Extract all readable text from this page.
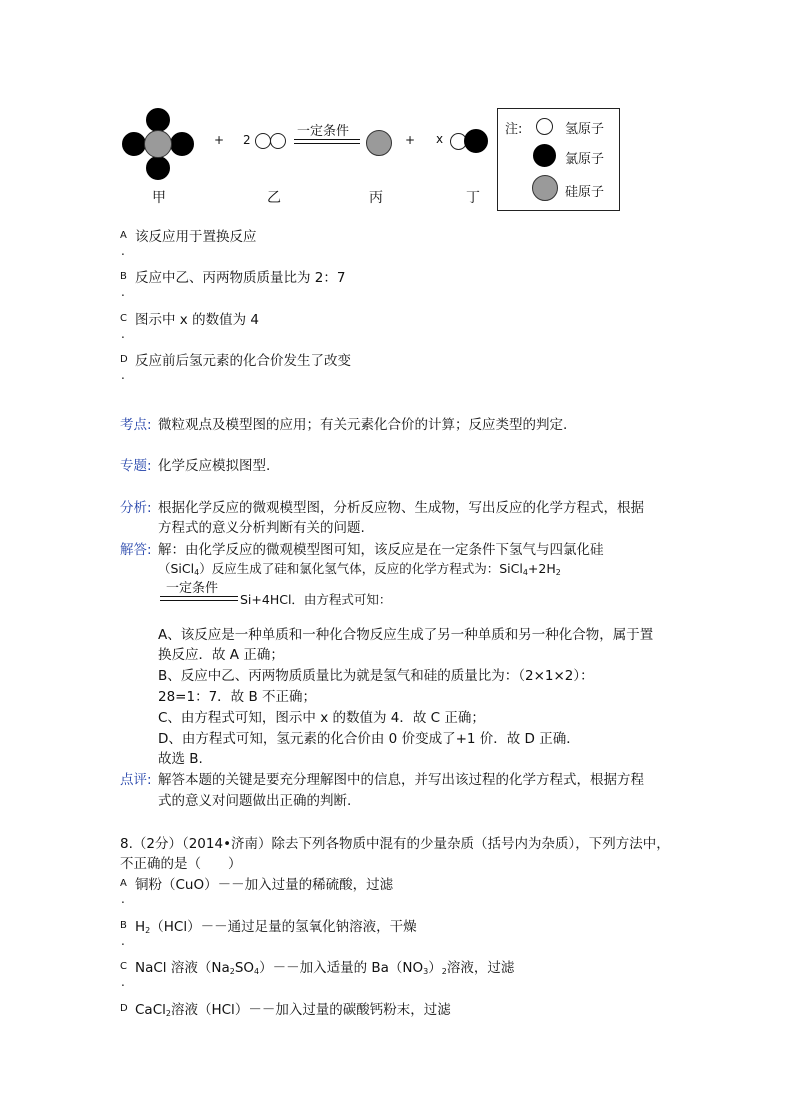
+ 2
一定条件
+ x
甲	乙	丙	丁
注:	氢原子
氯原子
硅原子
A 该反应用于置换反应
.
B 反应中乙、丙两物质质量比为 2：7
.
C 图示中 x 的数值为 4
.
D 反应前后氢元素的化合价发生了改变
.
考点: 微粒观点及模型图的应用；有关元素化合价的计算；反应类型的判定.
专题: 化学反应模拟图型.
分析: 根据化学反应的微观模型图，分析反应物、生成物，写出反应的化学方程式，根据
方程式的意义分析判断有关的问题.
解答: 解：由化学反应的微观模型图可知，该反应是在一定条件下氢气与四氯化硅
（SiCl$_4$）反应生成了硅和氯化氢气体，反应的化学方程式为：$SiCl_4+2H_2$
一定条件
Si+4HCl．由方程式可知：
A、该反应是一种单质和一种化合物反应生成了另一种单质和另一种化合物，属于置
换反应．故 A 正确；
B、反应中乙、丙两物质质量比为就是氢气和硅的质量比为：（2×1×2）：
28=1：7．故 B 不正确；
C、由方程式可知，图示中 x 的数值为 4．故 C 正确；
D、由方程式可知，氢元素的化合价由 0 价变成了+1 价．故 D 正确．
故选 B.
点评: 解答本题的关键是要充分理解图中的信息，并写出该过程的化学方程式，根据方程
式的意义对问题做出正确的判断.
8.（2分）（2014•济南）除去下列各物质中混有的少量杂质（括号内为杂质），下列方法中，
不正确的是（　　）
A 铜粉（CuO）－－加入过量的稀硫酸，过滤
.
B $H_2(HCl)--$通过足量的氢氧化钠溶液，干燥
.
C NaCl 溶液$(Na_2SO_4)--$加入适量的 $Ba(NO_3)_2$溶液，过滤
.
D CaCl$_2$溶液（HCl）－－加入过量的碳酸钙粉末，过滤
